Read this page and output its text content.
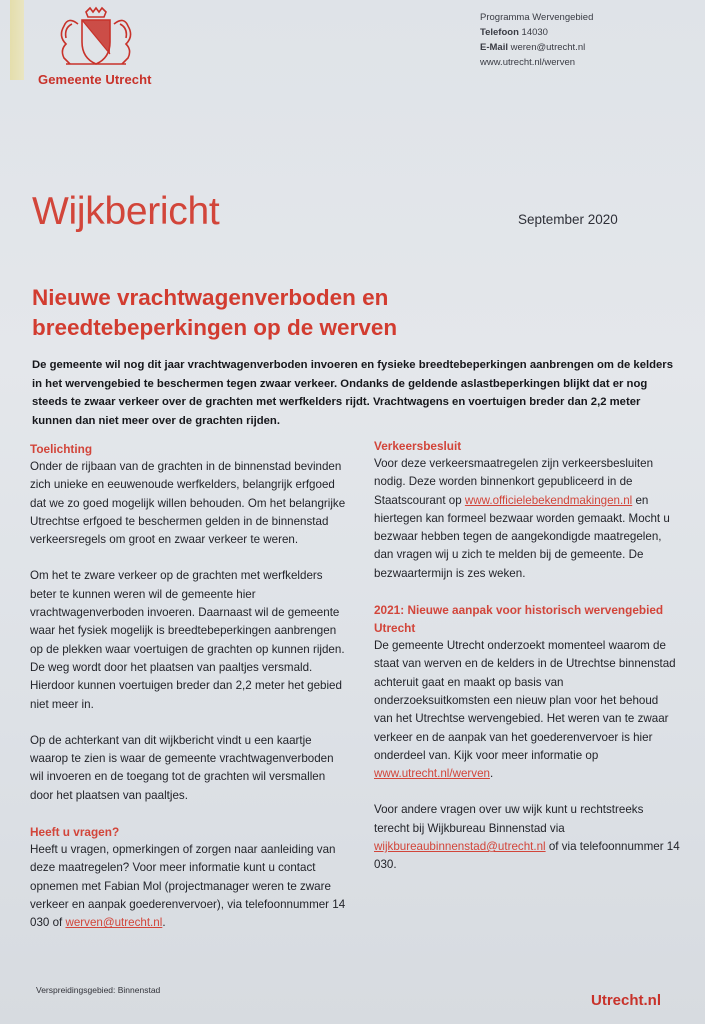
Gemeente Utrecht
Programma Wervengebied
Telefoon 14030
E-Mail weren@utrecht.nl
www.utrecht.nl/werven
Wijkbericht	September 2020
Nieuwe vrachtwagenverboden en breedtebeperkingen op de werven
De gemeente wil nog dit jaar vrachtwagenverboden invoeren en fysieke breedtebeperkingen aanbrengen om de kelders in het wervengebied te beschermen tegen zwaar verkeer. Ondanks de geldende aslastbeperkingen blijkt dat er nog steeds te zwaar verkeer over de grachten met werfkelders rijdt. Vrachtwagens en voertuigen breder dan 2,2 meter kunnen dan niet meer over de grachten rijden.
Toelichting

Onder de rijbaan van de grachten in de binnenstad bevinden zich unieke en eeuwenoude werfkelders, belangrijk erfgoed dat we zo goed mogelijk willen behouden. Om het belangrijke Utrechtse erfgoed te beschermen gelden in de binnenstad verkeersregels om groot en zwaar verkeer te weren.

Om het te zware verkeer op de grachten met werfkelders beter te kunnen weren wil de gemeente hier vrachtwagenverboden invoeren. Daarnaast wil de gemeente waar het fysiek mogelijk is breedtebeperkingen aanbrengen op de plekken waar voertuigen de grachten op kunnen rijden. De weg wordt door het plaatsen van paaltjes versmald. Hierdoor kunnen voertuigen breder dan 2,2 meter het gebied niet meer in.

Op de achterkant van dit wijkbericht vindt u een kaartje waarop te zien is waar de gemeente vrachtwagenverboden wil invoeren en de toegang tot de grachten wil versmallen door het plaatsen van paaltjes.

Heeft u vragen?

Heeft u vragen, opmerkingen of zorgen naar aanleiding van deze maatregelen? Voor meer informatie kunt u contact opnemen met Fabian Mol (projectmanager weren te zware verkeer en aanpak goederenvervoer), via telefoonnummer 14 030 of werven@utrecht.nl.

Verkeersbesluit

Voor deze verkeersmaatregelen zijn verkeersbesluiten nodig. Deze worden binnenkort gepubliceerd in de Staatscourant op www.officielebekendmakingen.nl en hiertegen kan formeel bezwaar worden gemaakt. Mocht u bezwaar hebben tegen de aangekondigde maatregelen, dan vragen wij u zich te melden bij de gemeente. De bezwaartermijn is zes weken.

2021: Nieuwe aanpak voor historisch wervengebied Utrecht

De gemeente Utrecht onderzoekt momenteel waarom de staat van werven en de kelders in de Utrechtse binnenstad achteruit gaat en maakt op basis van onderzoeksuitkomsten een nieuw plan voor het behoud van het Utrechtse wervengebied. Het weren van te zwaar verkeer en de aanpak van het goederenvervoer is hier onderdeel van. Kijk voor meer informatie op www.utrecht.nl/werven.

Voor andere vragen over uw wijk kunt u rechtstreeks terecht bij Wijkbureau Binnenstad via wijkbureaubinnenstad@utrecht.nl of via telefoonnummer 14 030.

Verspreidingsgebied: Binnenstad
Utrecht.nl
